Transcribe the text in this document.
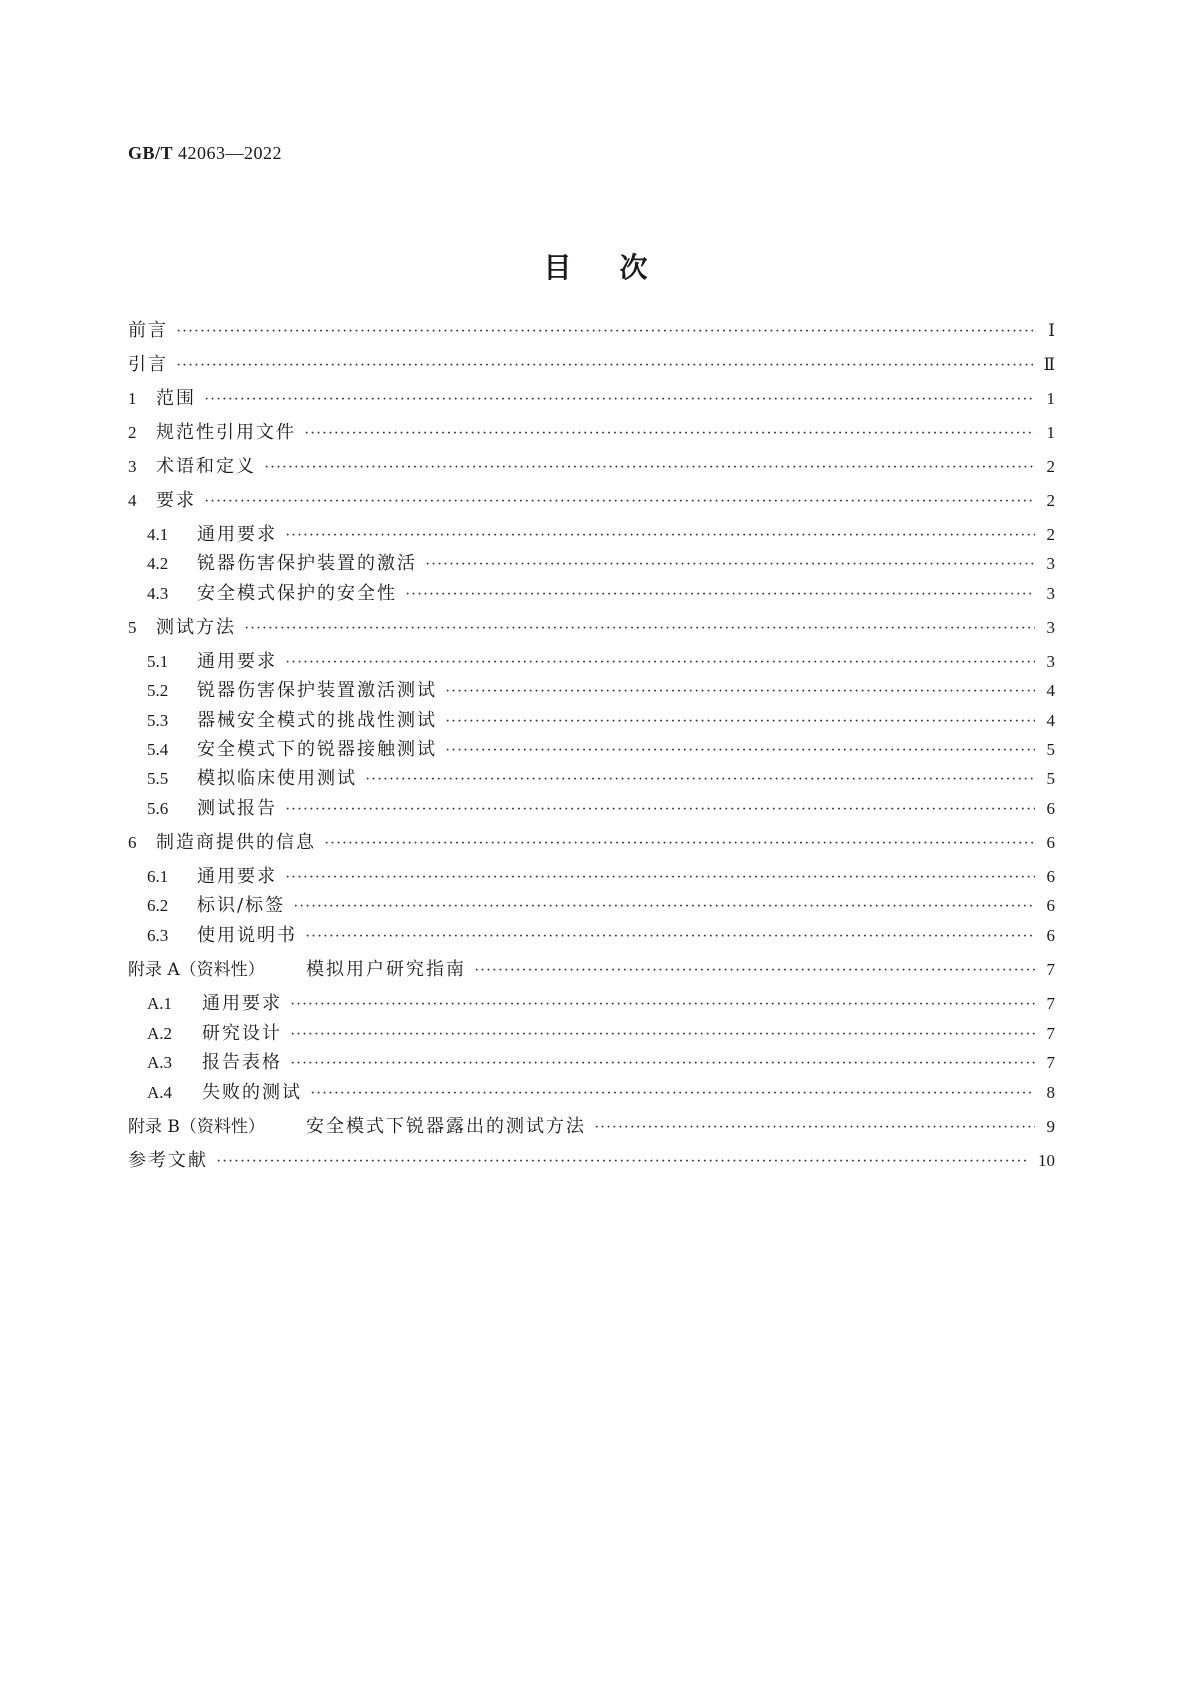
GB/T 42063—2022
目次
前言 ·····	Ⅰ
引言 ·····	Ⅱ
1	范围 ·····	1
2	规范性引用文件 ·····	1
3	术语和定义 ·····	2
4	要求 ·····	2
4.1	通用要求 ·····	2
4.2	锐器伤害保护装置的激活 ·····	3
4.3	安全模式保护的安全性 ·····	3
5	测试方法 ·····	3
5.1	通用要求 ·····	3
5.2	锐器伤害保护装置激活测试 ·····	4
5.3	器械安全模式的挑战性测试 ·····	4
5.4	安全模式下的锐器接触测试 ·····	5
5.5	模拟临床使用测试 ·····	5
5.6	测试报告 ·····	6
6	制造商提供的信息 ·····	6
6.1	通用要求 ·····	6
6.2	标识/标签 ·····	6
6.3	使用说明书 ·····	6
附录 A（资料性）	模拟用户研究指南 ·····	7
A.1	通用要求 ·····	7
A.2	研究设计 ·····	7
A.3	报告表格 ·····	7
A.4	失败的测试 ·····	8
附录 B（资料性）	安全模式下锐器露出的测试方法 ·····	9
参考文献 ·····	10
